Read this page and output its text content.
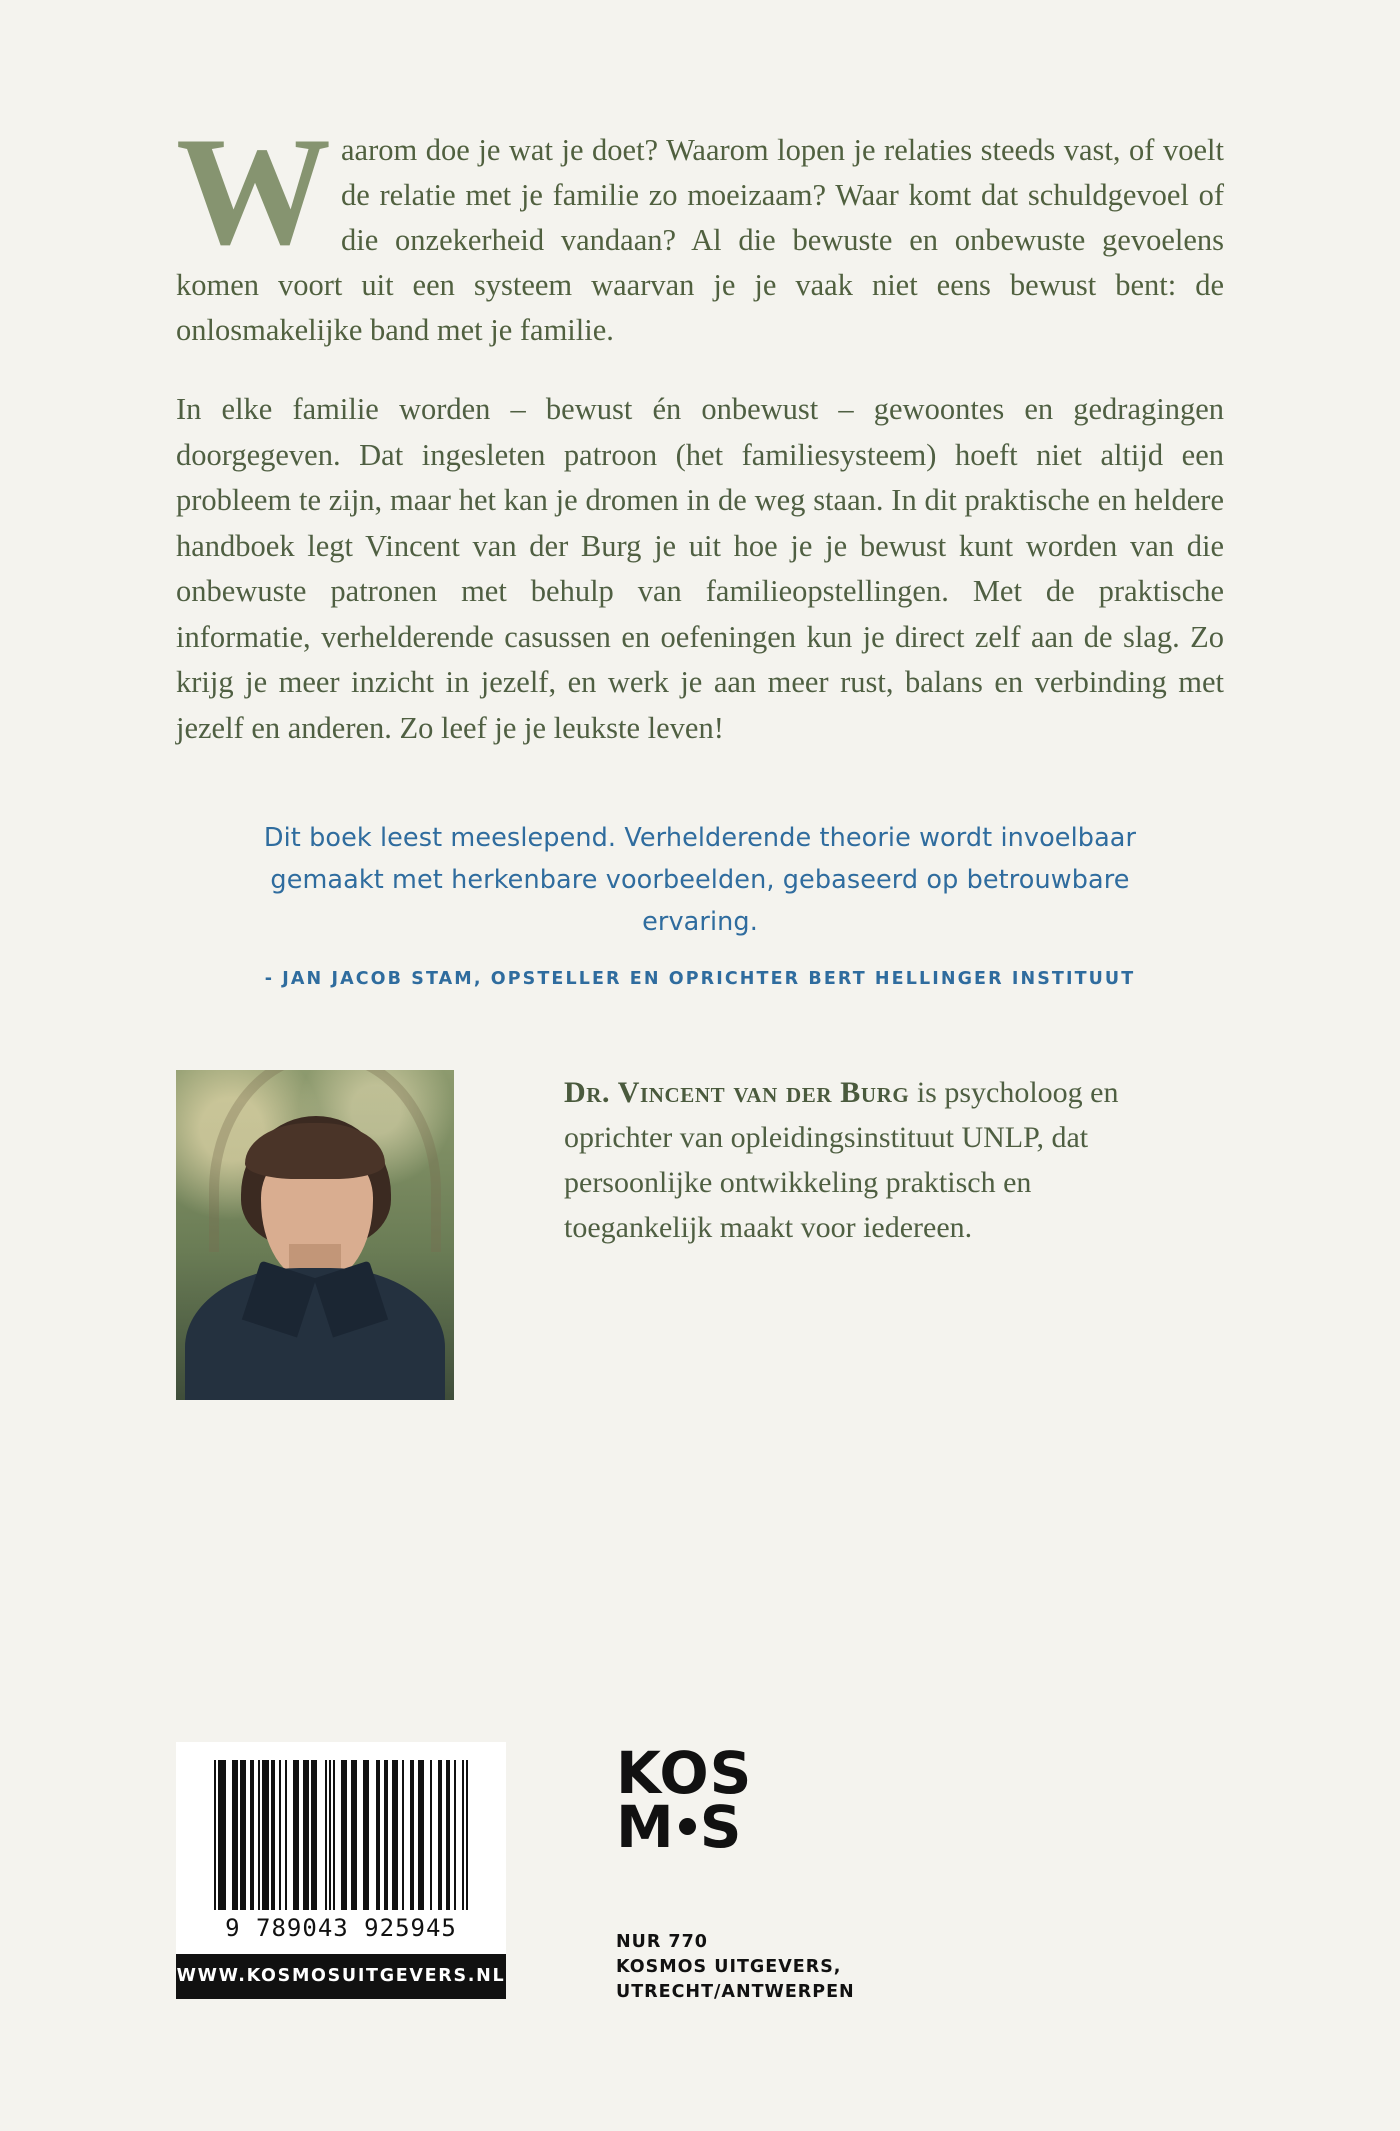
Waarom doe je wat je doet? Waarom lopen je relaties steeds vast, of voelt de relatie met je familie zo moeizaam? Waar komt dat schuldgevoel of die onzekerheid vandaan? Al die bewuste en onbewuste gevoelens komen voort uit een systeem waarvan je je vaak niet eens bewust bent: de onlosmakelijke band met je familie.

In elke familie worden – bewust én onbewust – gewoontes en gedragingen doorgegeven. Dat ingesleten patroon (het familiesysteem) hoeft niet altijd een probleem te zijn, maar het kan je dromen in de weg staan. In dit praktische en heldere handboek legt Vincent van der Burg je uit hoe je je bewust kunt worden van die onbewuste patronen met behulp van familieopstellingen. Met de praktische informatie, verhelderende casussen en oefeningen kun je direct zelf aan de slag. Zo krijg je meer inzicht in jezelf, en werk je aan meer rust, balans en verbinding met jezelf en anderen. Zo leef je je leukste leven!

Dit boek leest meeslepend. Verhelderende theorie wordt invoelbaar gemaakt met herkenbare voorbeelden, gebaseerd op betrouwbare ervaring.
- JAN JACOB STAM, OPSTELLER EN OPRICHTER BERT HELLINGER INSTITUUT
Dr. Vincent van der Burg is psycholoog en oprichter van opleidingsinstituut UNLP, dat persoonlijke ontwikkeling praktisch en toegankelijk maakt voor iedereen.
9 789043 925945
WWW.KOSMOSUITGEVERS.NL
KOS
M S
NUR 770
KOSMOS UITGEVERS,
UTRECHT/ANTWERPEN
